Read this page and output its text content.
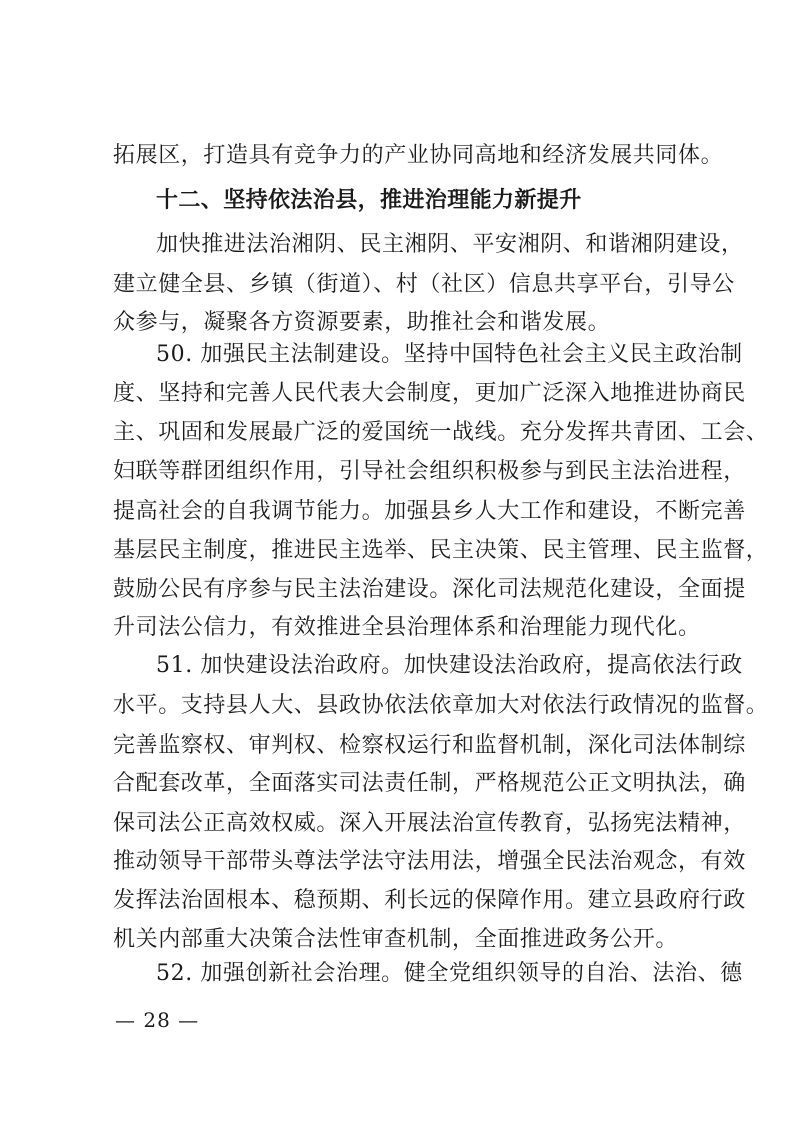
拓展区，打造具有竞争力的产业协同高地和经济发展共同体。
十二、坚持依法治县，推进治理能力新提升
加快推进法治湘阴、民主湘阴、平安湘阴、和谐湘阴建设，
建立健全县、乡镇（街道）、村（社区）信息共享平台，引导公
众参与，凝聚各方资源要素，助推社会和谐发展。
50. 加强民主法制建设。坚持中国特色社会主义民主政治制
度、坚持和完善人民代表大会制度，更加广泛深入地推进协商民
主、巩固和发展最广泛的爱国统一战线。充分发挥共青团、工会、
妇联等群团组织作用，引导社会组织积极参与到民主法治进程，
提高社会的自我调节能力。加强县乡人大工作和建设，不断完善
基层民主制度，推进民主选举、民主决策、民主管理、民主监督，
鼓励公民有序参与民主法治建设。深化司法规范化建设，全面提
升司法公信力，有效推进全县治理体系和治理能力现代化。
51. 加快建设法治政府。加快建设法治政府，提高依法行政
水平。支持县人大、县政协依法依章加大对依法行政情况的监督。
完善监察权、审判权、检察权运行和监督机制，深化司法体制综
合配套改革，全面落实司法责任制，严格规范公正文明执法，确
保司法公正高效权威。深入开展法治宣传教育，弘扬宪法精神，
推动领导干部带头尊法学法守法用法，增强全民法治观念，有效
发挥法治固根本、稳预期、利长远的保障作用。建立县政府行政
机关内部重大决策合法性审查机制，全面推进政务公开。
52. 加强创新社会治理。健全党组织领导的自治、法治、德
— 28 —
